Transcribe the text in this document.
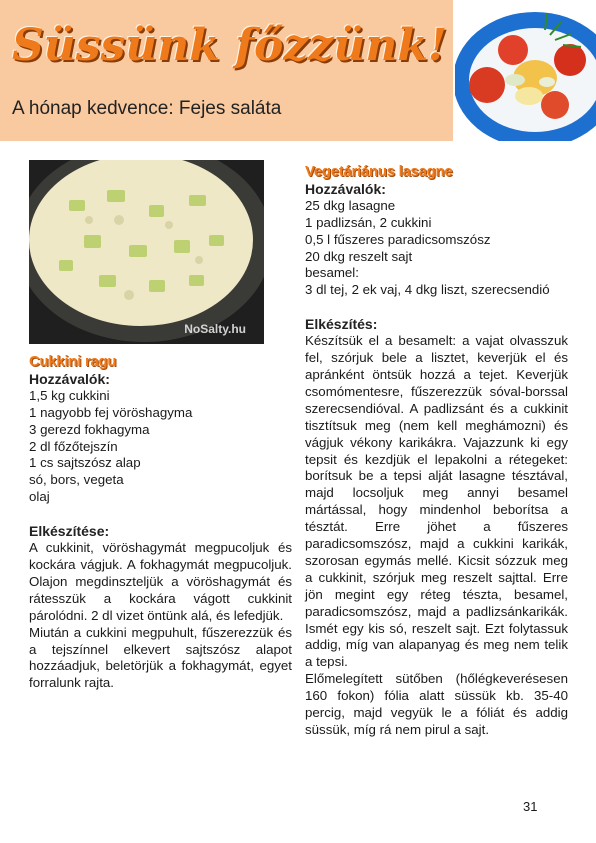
Süssünk főzzünk!
A hónap kedvence: Fejes saláta
NoSalty.hu
Cukkini ragu
Hozzávalók:

1,5 kg cukkini

1 nagyobb fej vöröshagyma

3 gerezd fokhagyma

2 dl főzőtejszín

1 cs sajtszósz alap

só, bors, vegeta

olaj

Elkészítése:

A cukkinit, vöröshagymát megpucoljuk és kockára vágjuk. A fokhagymát megpucoljuk. Olajon megdinszteljük a vöröshagymát és rátesszük a kockára vágott cukkinit párolódni. 2 dl vizet öntünk alá, és lefedjük.

Miután a cukkini megpuhult, fűszerezzük és a tejszínnel elkevert sajtszósz alapot hozzáadjuk, beletörjük a fokhagymát, egyet forralunk rajta.

Vegetáriánus lasagne
Hozzávalók:

25 dkg lasagne

1 padlizsán, 2 cukkini

0,5 l fűszeres paradicsomszósz

20 dkg reszelt sajt

besamel:

3 dl tej, 2 ek vaj, 4 dkg liszt, szerecsendió

Elkészítés:

Készítsük el a besamelt: a vajat olvasszuk fel, szórjuk bele a lisztet, keverjük el és apránként öntsük hozzá a tejet. Keverjük csomómentesre, fűszerezzük sóval-borssal szerecsendióval. A padlizsánt és a cukkinit tisztítsuk meg (nem kell meghámozni) és vágjuk vékony karikákra. Vajazzunk ki egy tepsit és kezdjük el lepakolni a rétegeket: borítsuk be a tepsi alját lasagne tésztával, majd locsoljuk meg annyi besamel mártással, hogy mindenhol beborítsa a tésztát. Erre jöhet a fűszeres paradicsomszósz, majd a cukkini karikák, szorosan egymás mellé. Kicsit sózzuk meg a cukkinit, szórjuk meg reszelt sajttal. Erre jön megint egy réteg tészta, besamel, paradicsomszósz, majd a padlizsánkarikák. Ismét egy kis só, reszelt sajt. Ezt folytassuk addig, míg van alapanyag és meg nem telik a tepsi.

Előmelegített sütőben (hőlégkeverésesen 160 fokon) fólia alatt süssük kb. 35-40 percig, majd vegyük le a fóliát és addig süssük, míg rá nem pirul a sajt.

31
